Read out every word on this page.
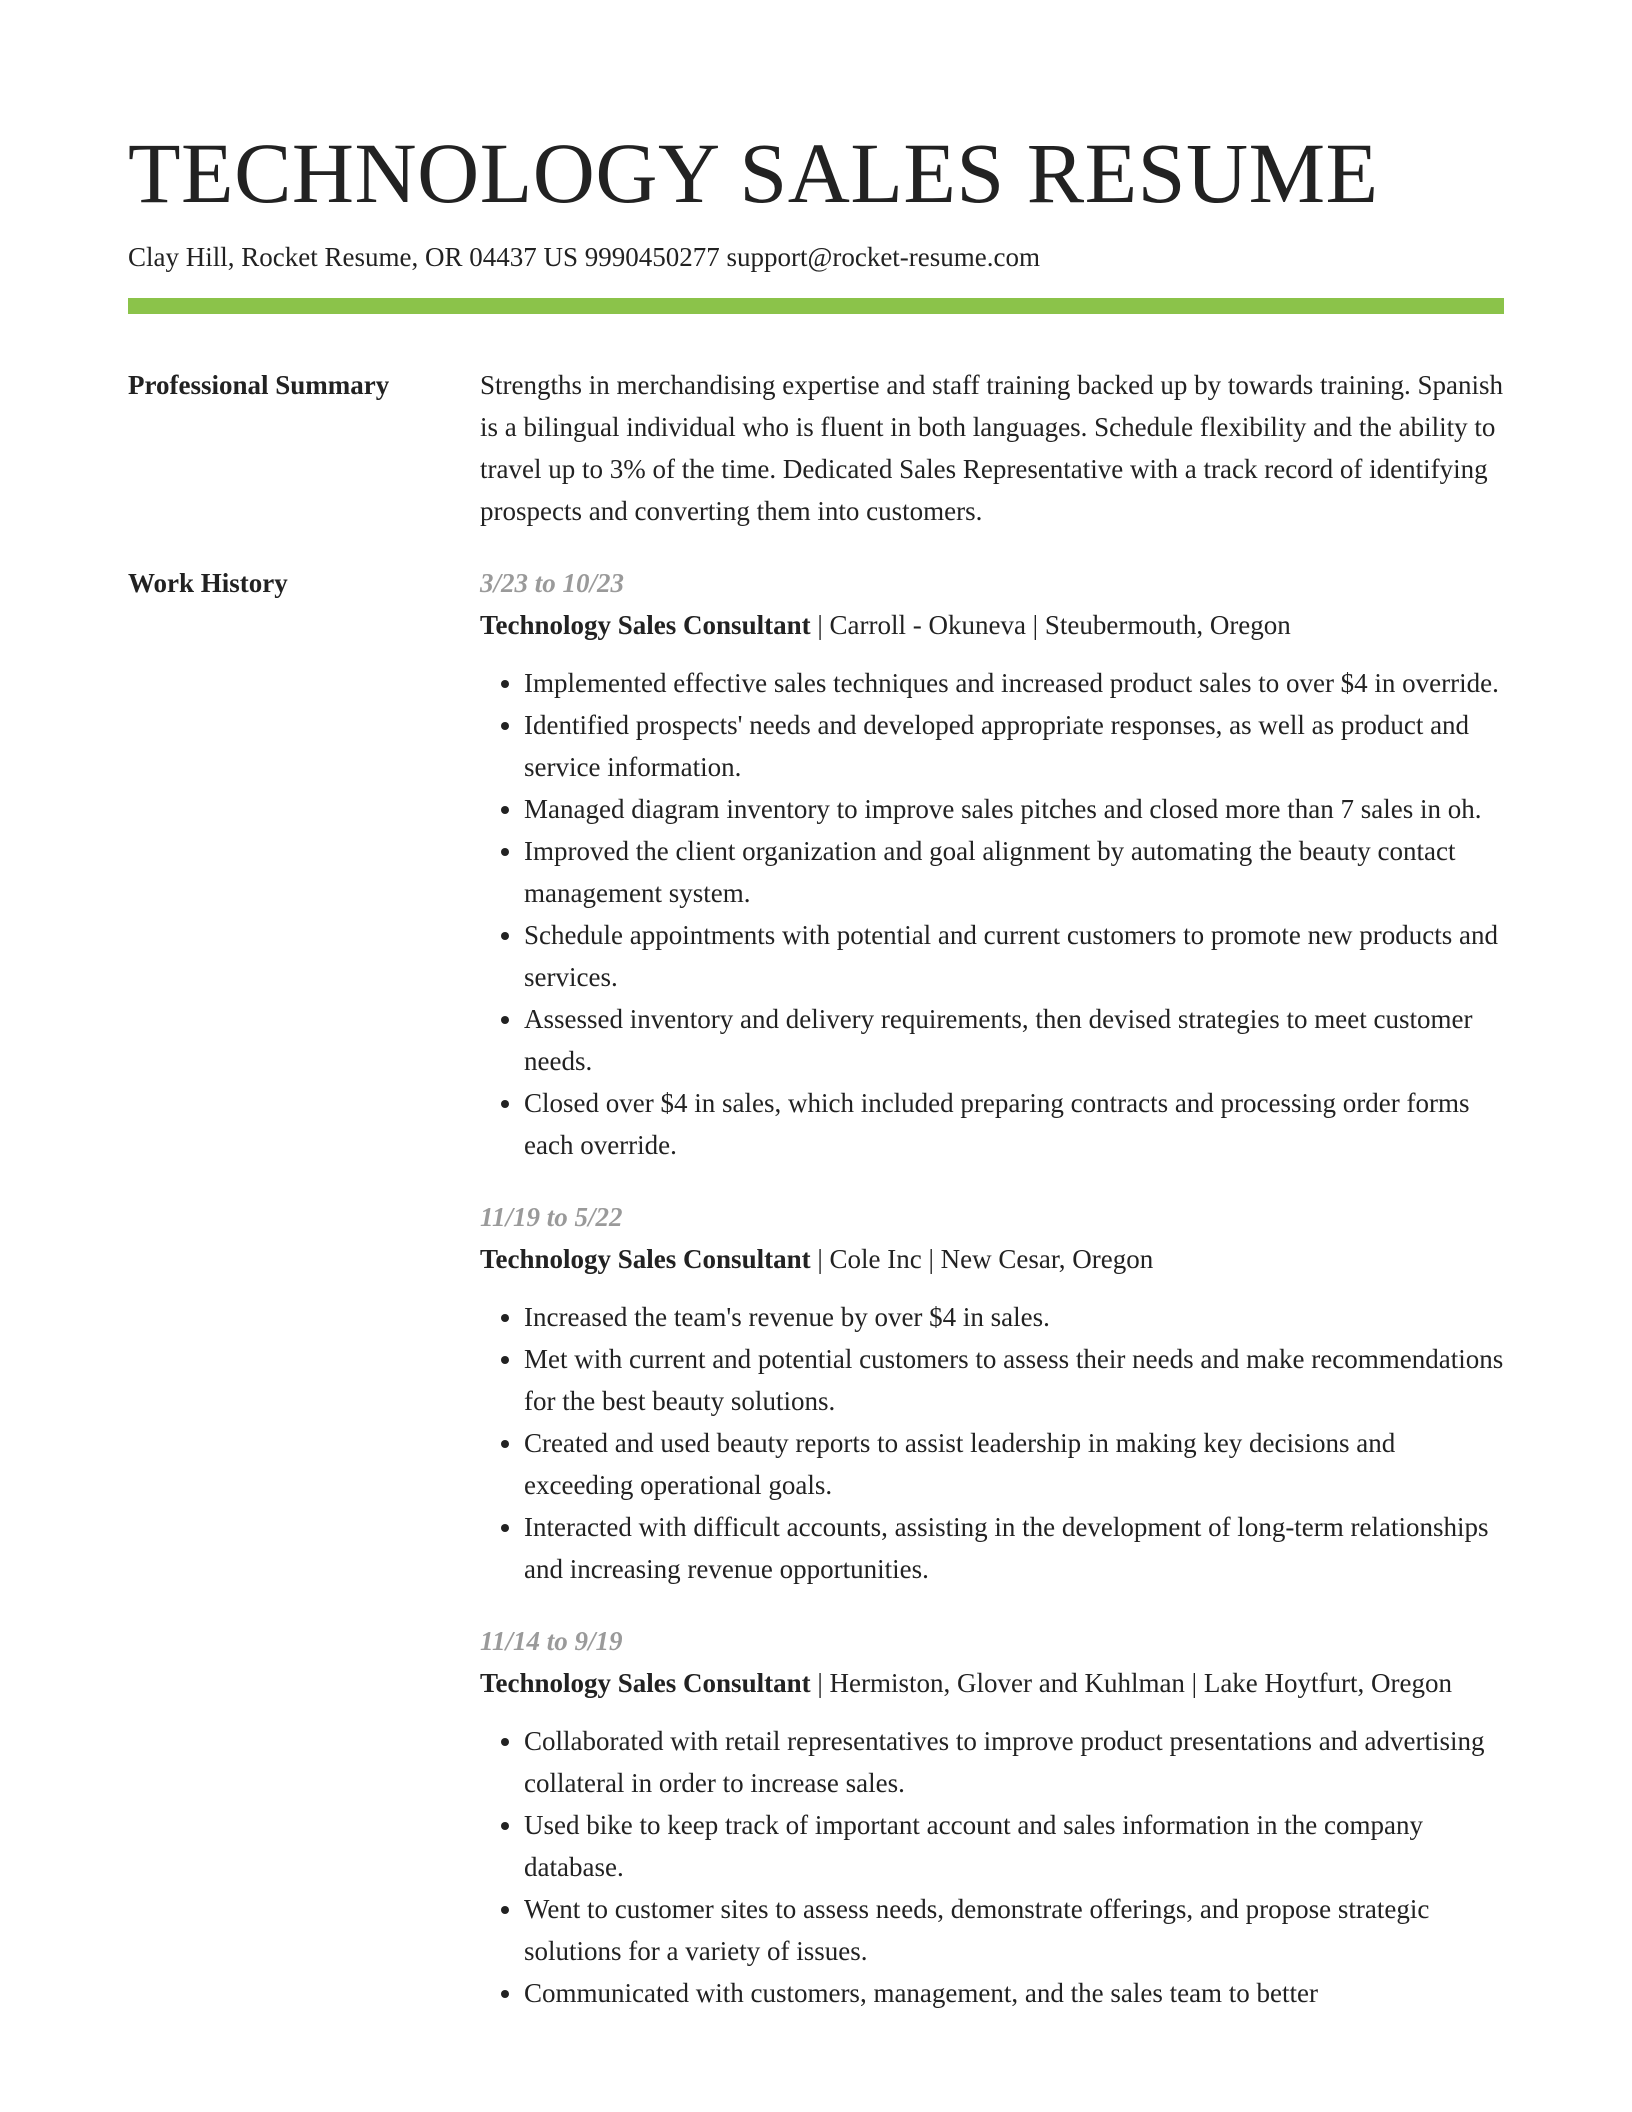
TECHNOLOGY SALES RESUME
Clay Hill, Rocket Resume, OR 04437 US 9990450277 support@rocket-resume.com
Professional Summary	Strengths in merchandising expertise and staff training backed up by towards training. Spanish is a bilingual individual who is fluent in both languages. Schedule flexibility and the ability to travel up to 3% of the time. Dedicated Sales Representative with a track record of identifying prospects and converting them into customers.
Work History	3/23 to 10/23
Technology Sales Consultant | Carroll - Okuneva | Steubermouth, Oregon
• Implemented effective sales techniques and increased product sales to over $4 in override.
• Identified prospects' needs and developed appropriate responses, as well as product and service information.
• Managed diagram inventory to improve sales pitches and closed more than 7 sales in oh.
• Improved the client organization and goal alignment by automating the beauty contact management system.
• Schedule appointments with potential and current customers to promote new products and services.
• Assessed inventory and delivery requirements, then devised strategies to meet customer needs.
• Closed over $4 in sales, which included preparing contracts and processing order forms each override.
11/19 to 5/22
Technology Sales Consultant | Cole Inc | New Cesar, Oregon
• Increased the team's revenue by over $4 in sales.
• Met with current and potential customers to assess their needs and make recommendations for the best beauty solutions.
• Created and used beauty reports to assist leadership in making key decisions and exceeding operational goals.
• Interacted with difficult accounts, assisting in the development of long-term relationships and increasing revenue opportunities.
11/14 to 9/19
Technology Sales Consultant | Hermiston, Glover and Kuhlman | Lake Hoytfurt, Oregon
• Collaborated with retail representatives to improve product presentations and advertising collateral in order to increase sales.
• Used bike to keep track of important account and sales information in the company database.
• Went to customer sites to assess needs, demonstrate offerings, and propose strategic solutions for a variety of issues.
• Communicated with customers, management, and the sales team to better
